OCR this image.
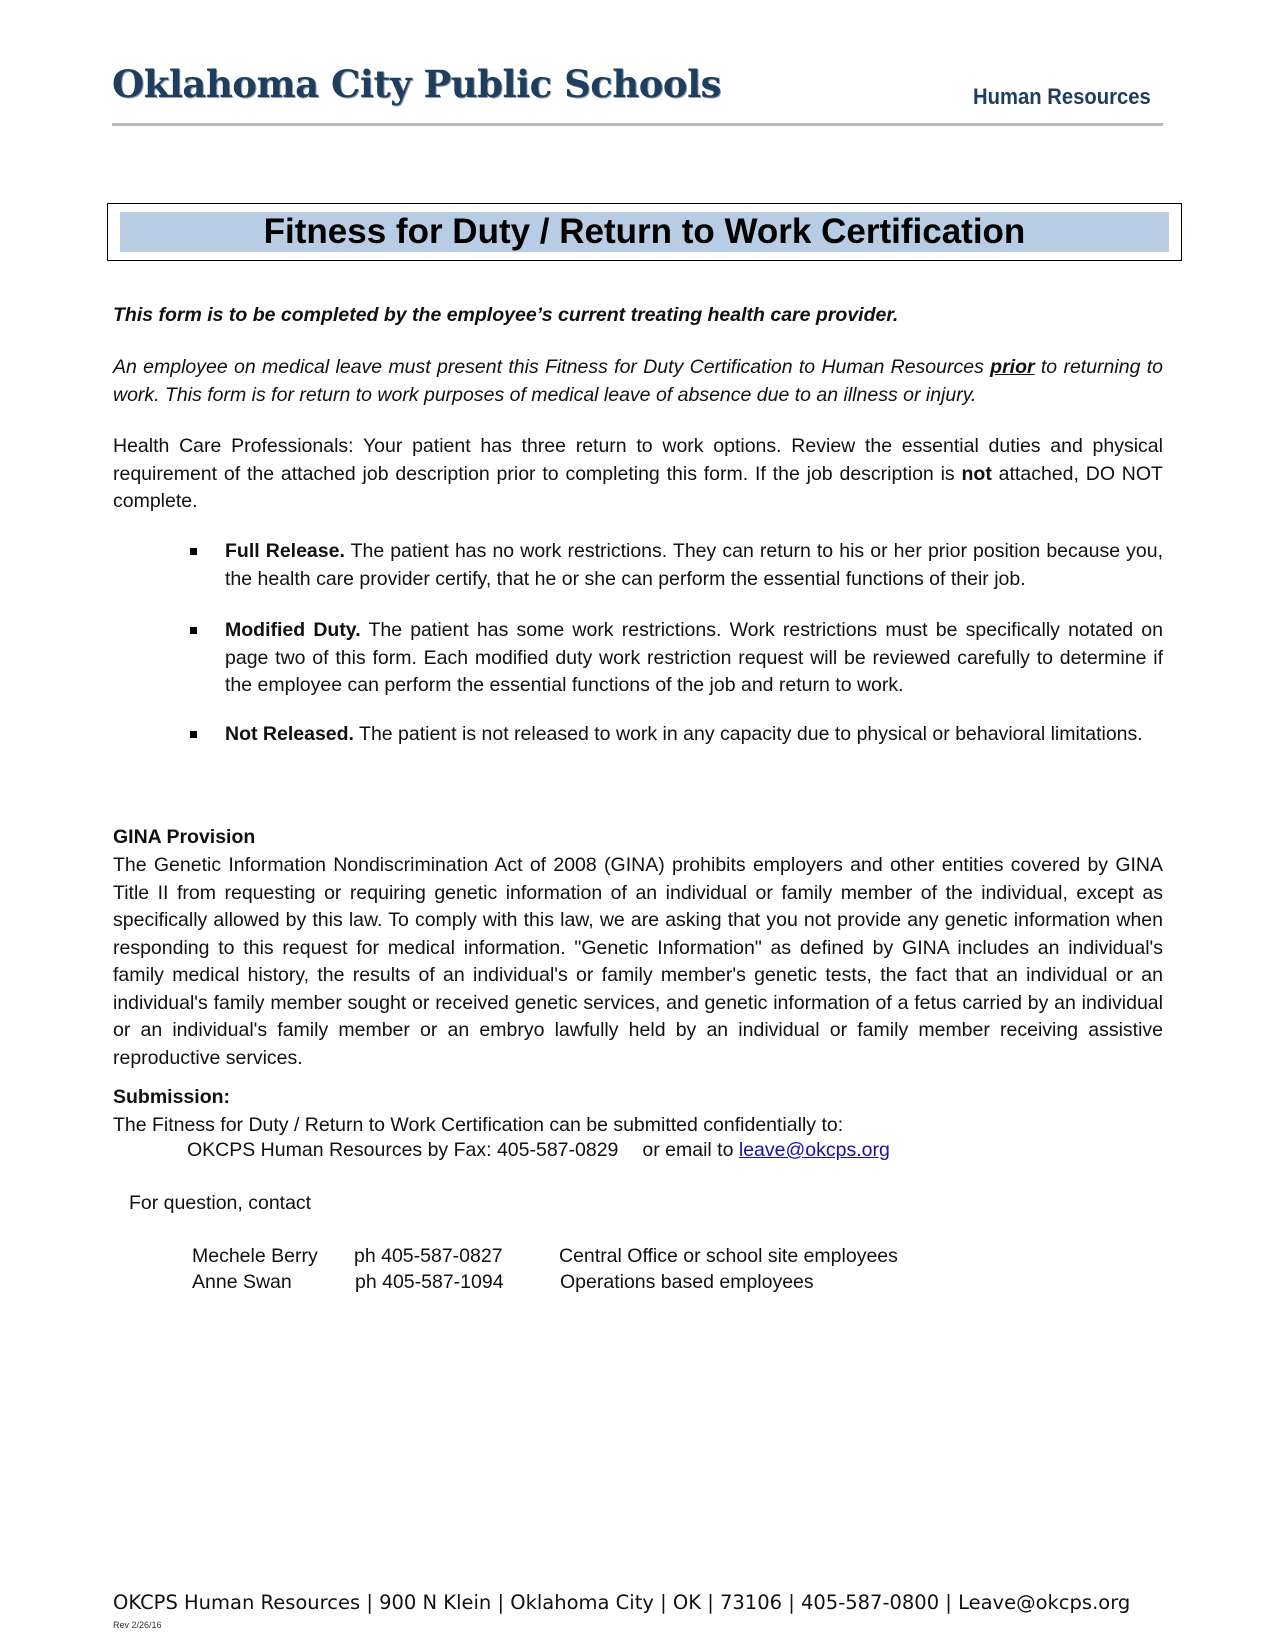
Oklahoma City Public Schools	Human Resources
Fitness for Duty / Return to Work Certification
This form is to be completed by the employee’s current treating health care provider.
An employee on medical leave must present this Fitness for Duty Certification to Human Resources prior to returning to work. This form is for return to work purposes of medical leave of absence due to an illness or injury.
Health Care Professionals: Your patient has three return to work options. Review the essential duties and physical requirement of the attached job description prior to completing this form. If the job description is not attached, DO NOT complete.
Full Release. The patient has no work restrictions. They can return to his or her prior position because you, the health care provider certify, that he or she can perform the essential functions of their job.
Modified Duty. The patient has some work restrictions. Work restrictions must be specifically notated on page two of this form. Each modified duty work restriction request will be reviewed carefully to determine if the employee can perform the essential functions of the job and return to work.
Not Released. The patient is not released to work in any capacity due to physical or behavioral limitations.
GINA Provision
The Genetic Information Nondiscrimination Act of 2008 (GINA) prohibits employers and other entities covered by GINA Title II from requesting or requiring genetic information of an individual or family member of the individual, except as specifically allowed by this law. To comply with this law, we are asking that you not provide any genetic information when responding to this request for medical information. "Genetic Information" as defined by GINA includes an individual's family medical history, the results of an individual's or family member's genetic tests, the fact that an individual or an individual's family member sought or received genetic services, and genetic information of a fetus carried by an individual or an individual's family member or an embryo lawfully held by an individual or family member receiving assistive reproductive services.
Submission:
The Fitness for Duty / Return to Work Certification can be submitted confidentially to:
OKCPS Human Resources by Fax: 405-587-0829 or email to leave@okcps.org
For question, contact
Mechele Berry ph 405-587-0827	Central Office or school site employees
Anne Swan	ph 405-587-1094	Operations based employees
OKCPS Human Resources | 900 N Klein | Oklahoma City | OK | 73106 | 405-587-0800 | Leave@okcps.org
Rev 2/26/16
